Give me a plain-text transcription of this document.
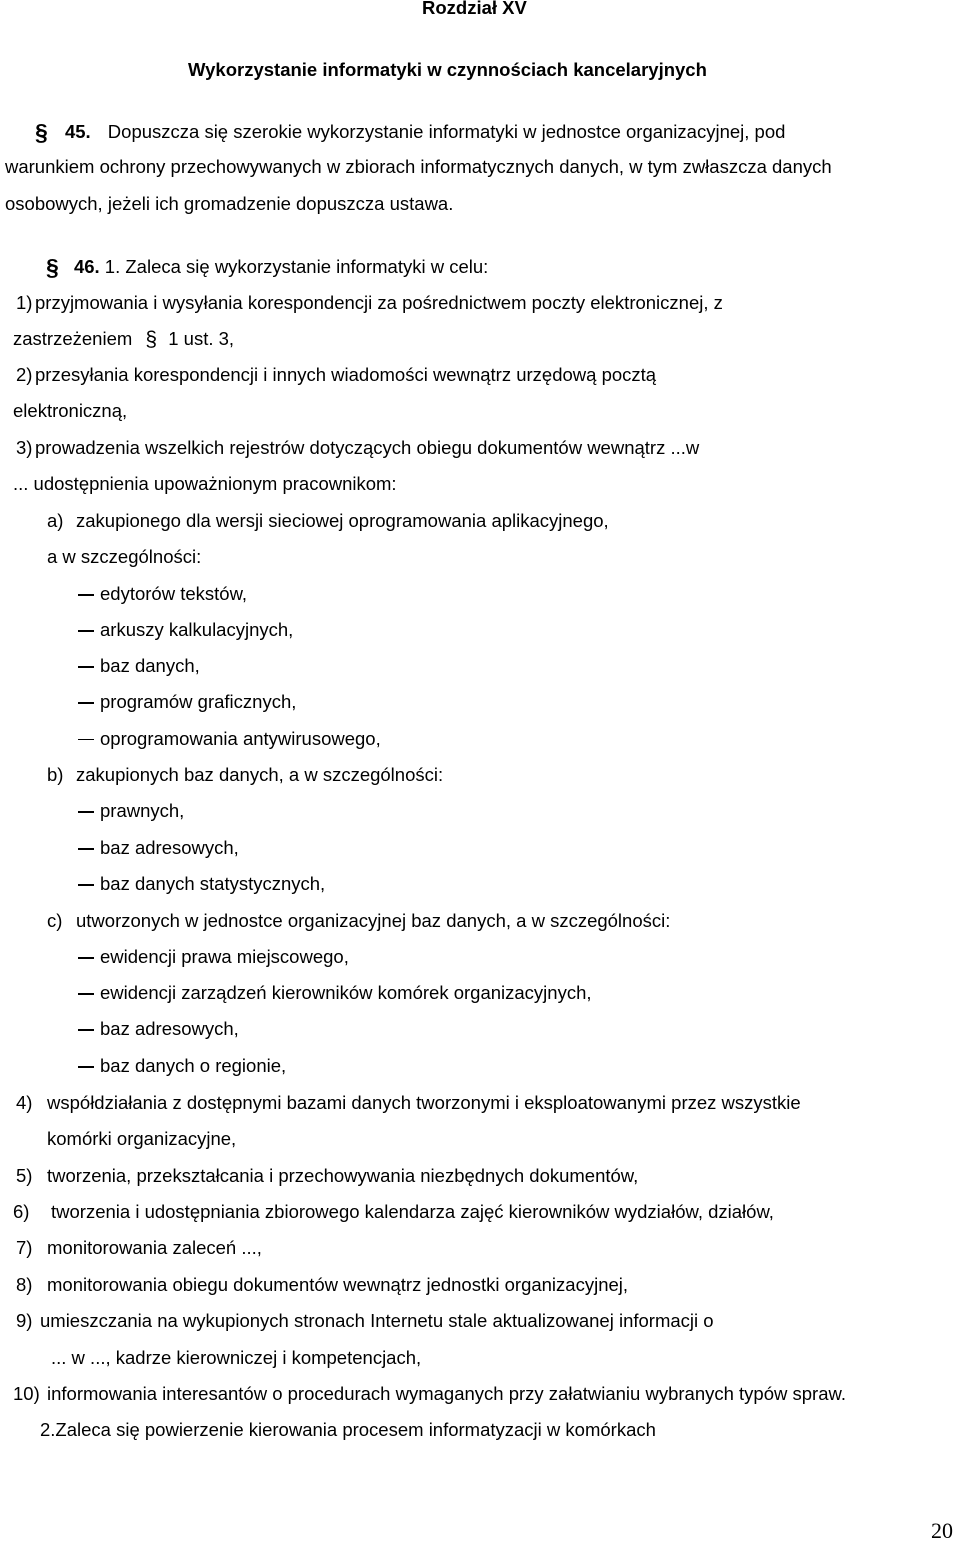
Rozdział XV
Wykorzystanie informatyki w czynnościach kancelaryjnych
§ 45. Dopuszcza się szerokie wykorzystanie informatyki w jednostce organizacyjnej, pod
warunkiem ochrony przechowywanych w zbiorach informatycznych danych, w tym zwłaszcza danych
osobowych, jeżeli ich gromadzenie dopuszcza ustawa.
§ 46. 1. Zaleca się wykorzystanie informatyki w celu:
1) przyjmowania i wysyłania korespondencji za pośrednictwem poczty elektronicznej, z
zastrzeżeniem § 1 ust. 3,
2) przesyłania korespondencji i innych wiadomości wewnątrz urzędową pocztą
elektroniczną,
3) prowadzenia wszelkich rejestrów dotyczących obiegu dokumentów wewnątrz ...w
... udostępnienia upoważnionym pracownikom:
a) zakupionego dla wersji sieciowej oprogramowania aplikacyjnego,
a w szczególności:
edytorów tekstów,
arkuszy kalkulacyjnych,
baz danych,
programów graficznych,
oprogramowania antywirusowego,
b) zakupionych baz danych, a w szczególności:
prawnych,
baz adresowych,
baz danych statystycznych,
c) utworzonych w jednostce organizacyjnej baz danych, a w szczególności:
ewidencji prawa miejscowego,
ewidencji zarządzeń kierowników komórek organizacyjnych,
baz adresowych,
baz danych o regionie,
4) współdziałania z dostępnymi bazami danych tworzonymi i eksploatowanymi przez wszystkie
komórki organizacyjne,
5) tworzenia, przekształcania i przechowywania niezbędnych dokumentów,
6) tworzenia i udostępniania zbiorowego kalendarza zajęć kierowników wydziałów, działów,
7) monitorowania zaleceń ...,
8) monitorowania obiegu dokumentów wewnątrz jednostki organizacyjnej,
9) umieszczania na wykupionych stronach Internetu stale aktualizowanej informacji o
... w ..., kadrze kierowniczej i kompetencjach,
10) informowania interesantów o procedurach wymaganych przy załatwianiu wybranych typów spraw.
2.Zaleca się powierzenie kierowania procesem informatyzacji w komórkach
20
